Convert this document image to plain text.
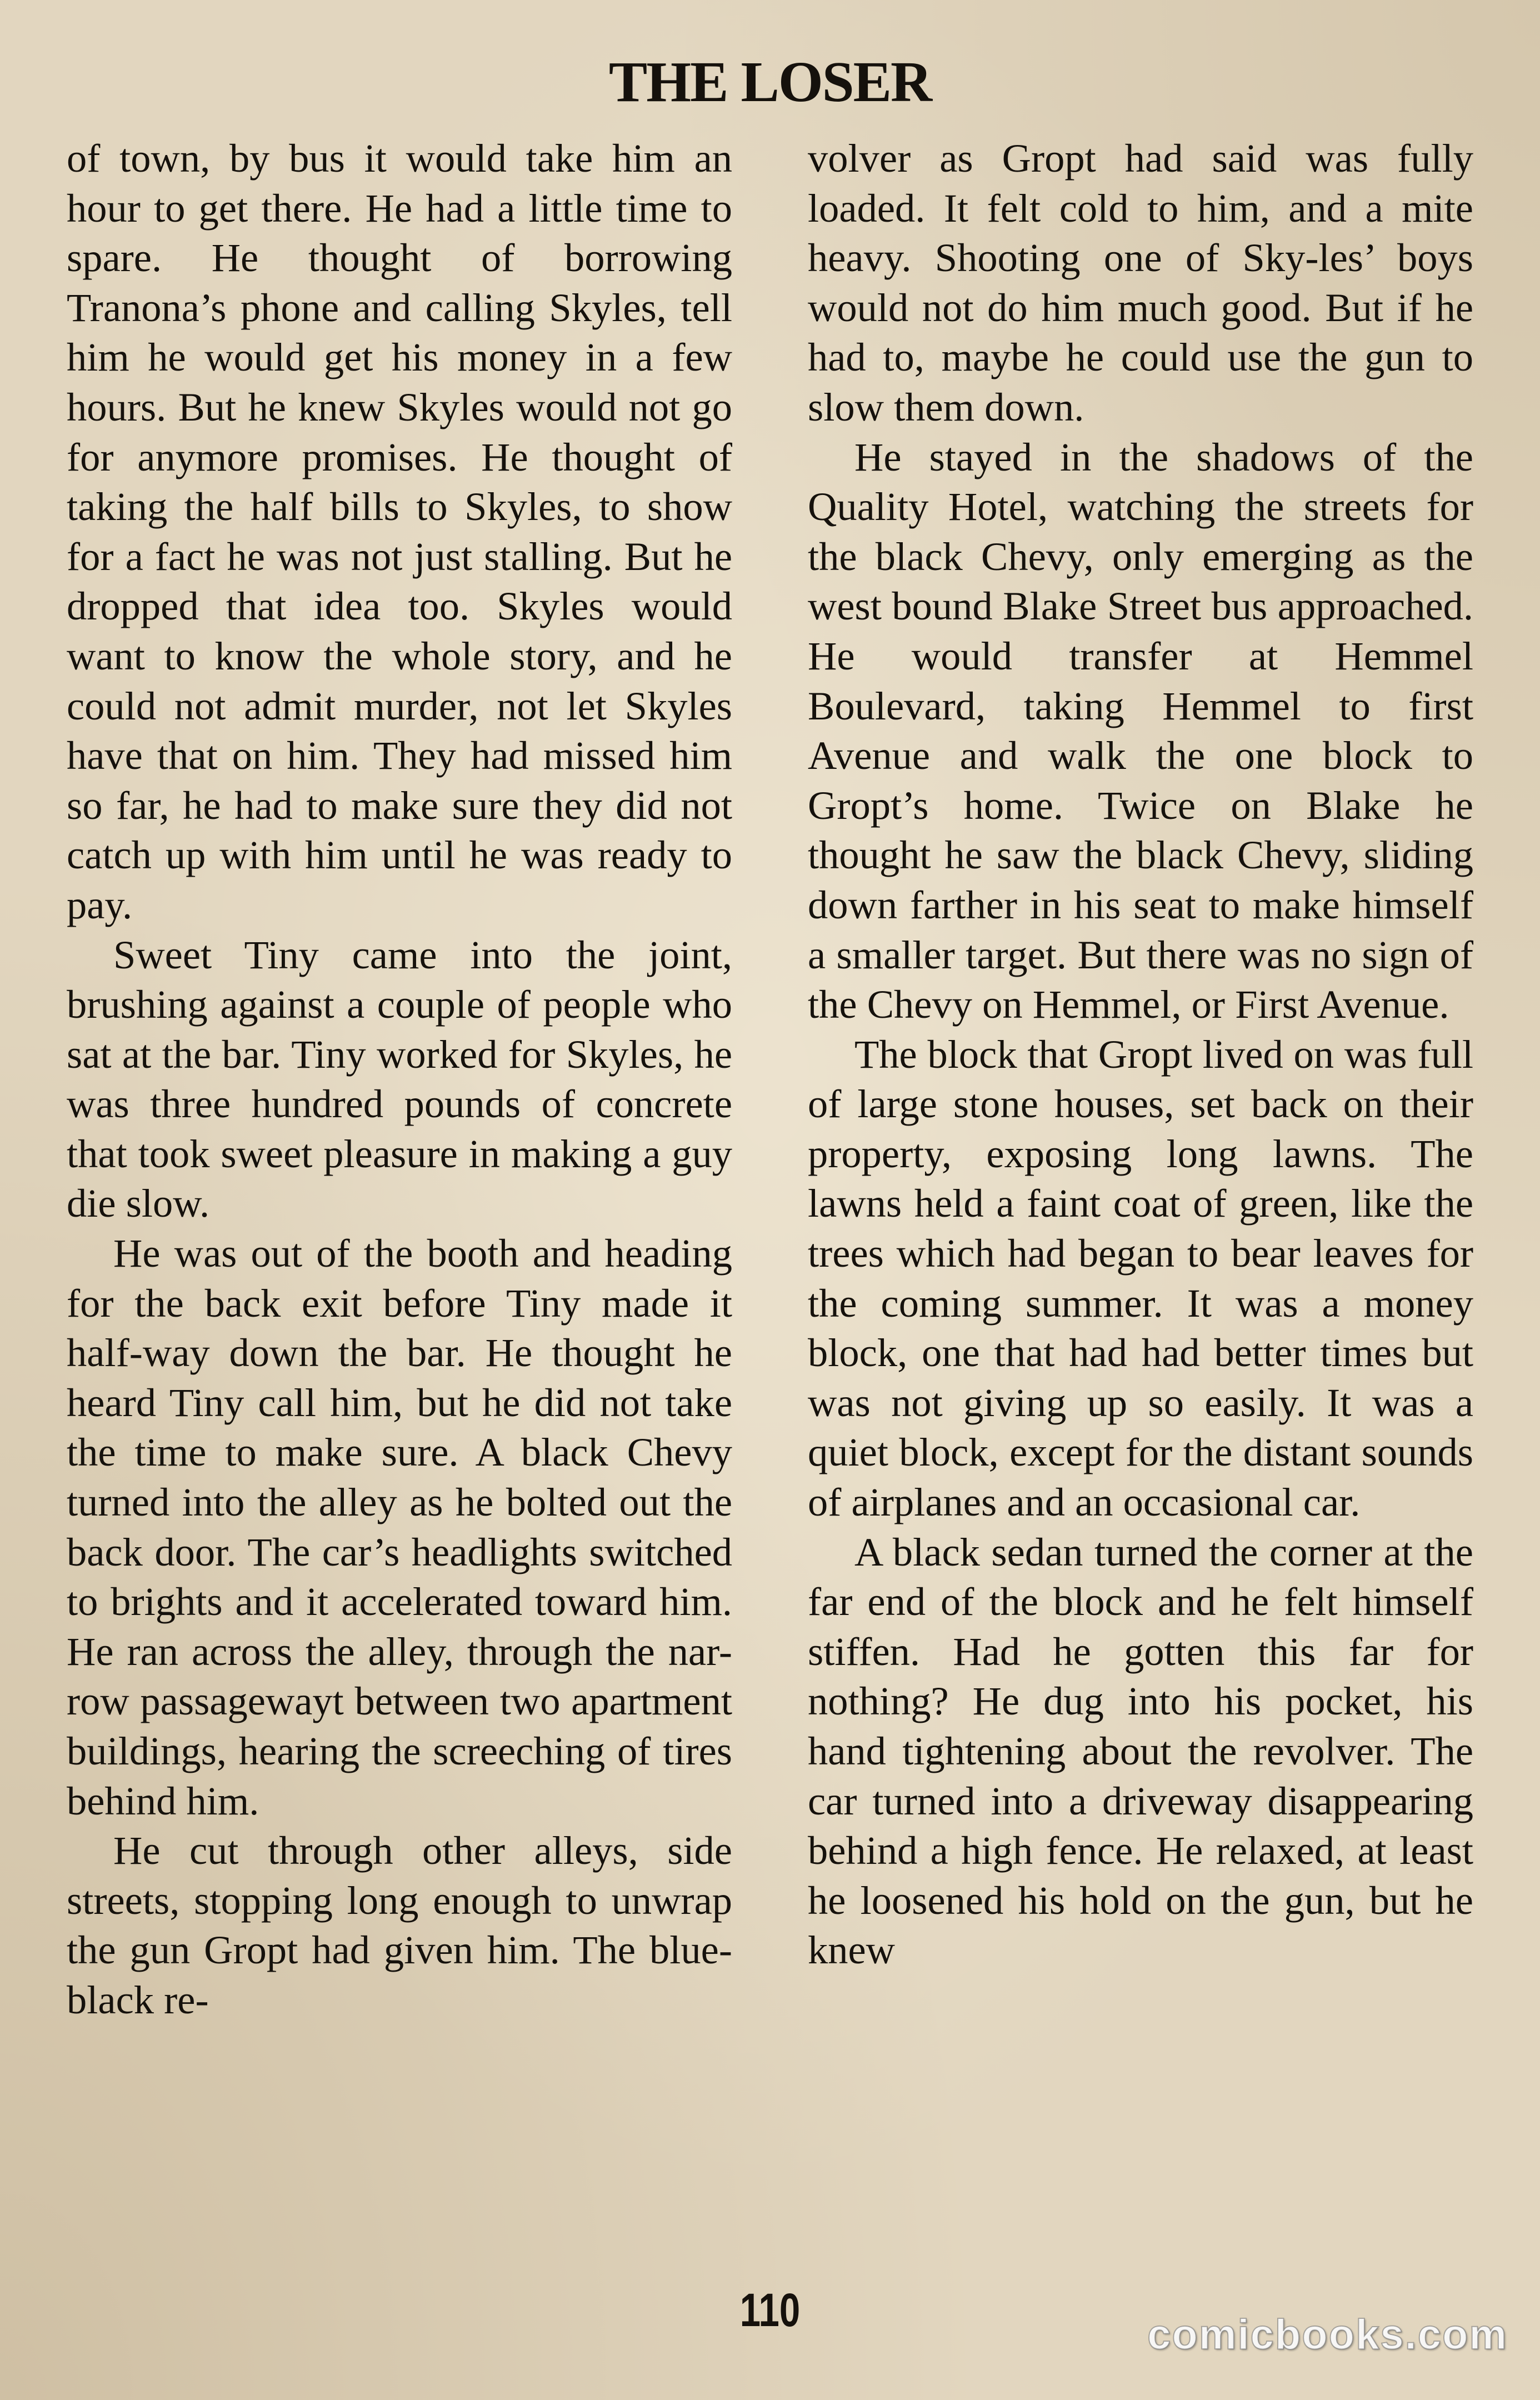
THE LOSER

of town, by bus it would take him an hour to get there. He had a little time to spare. He thought of borrowing Tranona’s phone and calling Skyles, tell him he would get his money in a few hours. But he knew Skyles would not go for anymore promises. He thought of taking the half bills to Skyles, to show for a fact he was not just stalling. But he dropped that idea too. Skyles would want to know the whole story, and he could not admit murder, not let Skyles have that on him. They had missed him so far, he had to make sure they did not catch up with him until he was ready to pay.

Sweet Tiny came into the joint, brushing against a couple of people who sat at the bar. Tiny worked for Skyles, he was three hundred pounds of concrete that took sweet pleasure in making a guy die slow.

He was out of the booth and heading for the back exit before Tiny made it half-way down the bar. He thought he heard Tiny call him, but he did not take the time to make sure. A black Chevy turned into the alley as he bolted out the back door. The car’s headlights switched to brights and it accelerated toward him. He ran across the alley, through the nar-row passagewayt between two apartment buildings, hearing the screeching of tires behind him.

He cut through other alleys, side streets, stopping long enough to unwrap the gun Gropt had given him. The blue-black re-

volver as Gropt had said was fully loaded. It felt cold to him, and a mite heavy. Shooting one of Sky-les’ boys would not do him much good. But if he had to, maybe he could use the gun to slow them down.

He stayed in the shadows of the Quality Hotel, watching the streets for the black Chevy, only emerging as the west bound Blake Street bus approached. He would transfer at Hemmel Boulevard, taking Hemmel to first Avenue and walk the one block to Gropt’s home. Twice on Blake he thought he saw the black Chevy, sliding down farther in his seat to make himself a smaller target. But there was no sign of the Chevy on Hemmel, or First Avenue.

The block that Gropt lived on was full of large stone houses, set back on their property, exposing long lawns. The lawns held a faint coat of green, like the trees which had began to bear leaves for the coming summer. It was a money block, one that had had better times but was not giving up so easily. It was a quiet block, except for the distant sounds of airplanes and an occasional car.

A black sedan turned the corner at the far end of the block and he felt himself stiffen. Had he gotten this far for nothing? He dug into his pocket, his hand tightening about the revolver. The car turned into a driveway disappearing behind a high fence. He relaxed, at least he loosened his hold on the gun, but he knew

110	comicbooks.com
